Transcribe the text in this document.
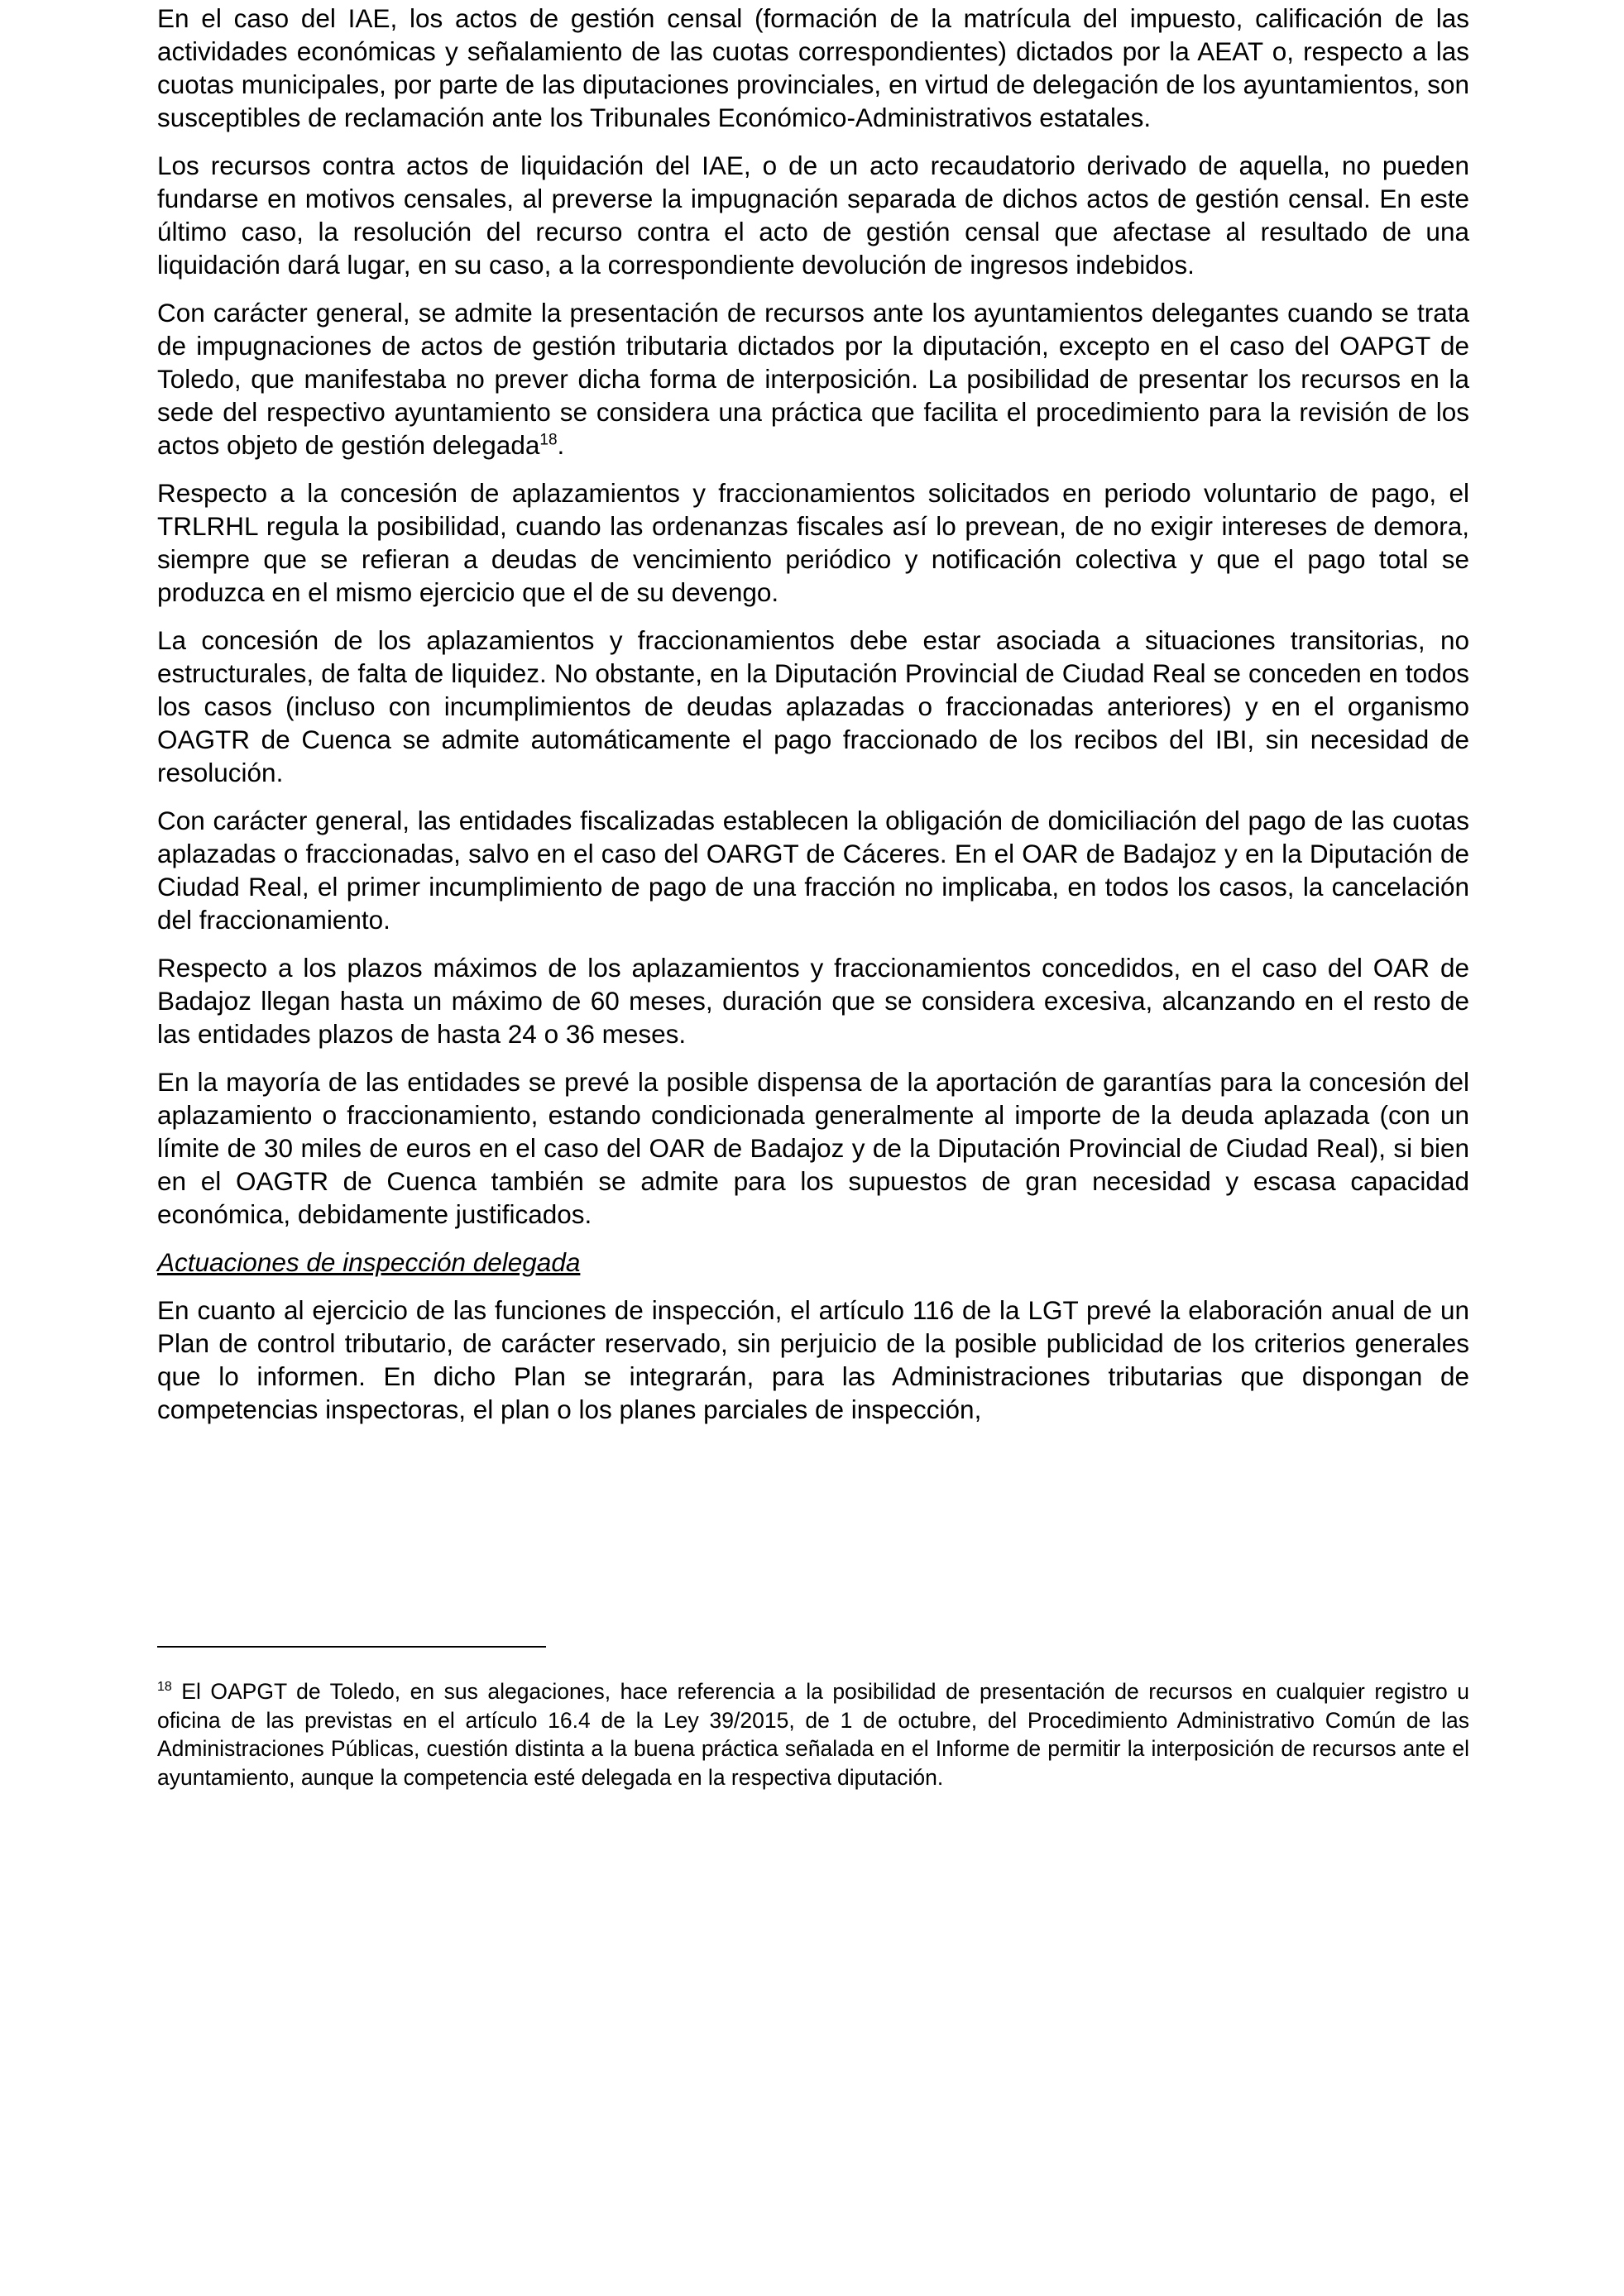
En el caso del IAE, los actos de gestión censal (formación de la matrícula del impuesto, calificación de las actividades económicas y señalamiento de las cuotas correspondientes) dictados por la AEAT o, respecto a las cuotas municipales, por parte de las diputaciones provinciales, en virtud de delegación de los ayuntamientos, son susceptibles de reclamación ante los Tribunales Económico-Administrativos estatales.

Los recursos contra actos de liquidación del IAE, o de un acto recaudatorio derivado de aquella, no pueden fundarse en motivos censales, al preverse la impugnación separada de dichos actos de gestión censal. En este último caso, la resolución del recurso contra el acto de gestión censal que afectase al resultado de una liquidación dará lugar, en su caso, a la correspondiente devolución de ingresos indebidos.

Con carácter general, se admite la presentación de recursos ante los ayuntamientos delegantes cuando se trata de impugnaciones de actos de gestión tributaria dictados por la diputación, excepto en el caso del OAPGT de Toledo, que manifestaba no prever dicha forma de interposición. La posibilidad de presentar los recursos en la sede del respectivo ayuntamiento se considera una práctica que facilita el procedimiento para la revisión de los actos objeto de gestión delegada$^{18}$.

Respecto a la concesión de aplazamientos y fraccionamientos solicitados en periodo voluntario de pago, el TRLRHL regula la posibilidad, cuando las ordenanzas fiscales así lo prevean, de no exigir intereses de demora, siempre que se refieran a deudas de vencimiento periódico y notificación colectiva y que el pago total se produzca en el mismo ejercicio que el de su devengo.

La concesión de los aplazamientos y fraccionamientos debe estar asociada a situaciones transitorias, no estructurales, de falta de liquidez. No obstante, en la Diputación Provincial de Ciudad Real se conceden en todos los casos (incluso con incumplimientos de deudas aplazadas o fraccionadas anteriores) y en el organismo OAGTR de Cuenca se admite automáticamente el pago fraccionado de los recibos del IBI, sin necesidad de resolución.

Con carácter general, las entidades fiscalizadas establecen la obligación de domiciliación del pago de las cuotas aplazadas o fraccionadas, salvo en el caso del OARGT de Cáceres. En el OAR de Badajoz y en la Diputación de Ciudad Real, el primer incumplimiento de pago de una fracción no implicaba, en todos los casos, la cancelación del fraccionamiento.

Respecto a los plazos máximos de los aplazamientos y fraccionamientos concedidos, en el caso del OAR de Badajoz llegan hasta un máximo de 60 meses, duración que se considera excesiva, alcanzando en el resto de las entidades plazos de hasta 24 o 36 meses.

En la mayoría de las entidades se prevé la posible dispensa de la aportación de garantías para la concesión del aplazamiento o fraccionamiento, estando condicionada generalmente al importe de la deuda aplazada (con un límite de 30 miles de euros en el caso del OAR de Badajoz y de la Diputación Provincial de Ciudad Real), si bien en el OAGTR de Cuenca también se admite para los supuestos de gran necesidad y escasa capacidad económica, debidamente justificados.

Actuaciones de inspección delegada

En cuanto al ejercicio de las funciones de inspección, el artículo 116 de la LGT prevé la elaboración anual de un Plan de control tributario, de carácter reservado, sin perjuicio de la posible publicidad de los criterios generales que lo informen. En dicho Plan se integrarán, para las Administraciones tributarias que dispongan de competencias inspectoras, el plan o los planes parciales de inspección,

$^{18}$ El OAPGT de Toledo, en sus alegaciones, hace referencia a la posibilidad de presentación de recursos en cualquier registro u oficina de las previstas en el artículo 16.4 de la Ley 39/2015, de 1 de octubre, del Procedimiento Administrativo Común de las Administraciones Públicas, cuestión distinta a la buena práctica señalada en el Informe de permitir la interposición de recursos ante el ayuntamiento, aunque la competencia esté delegada en la respectiva diputación.
